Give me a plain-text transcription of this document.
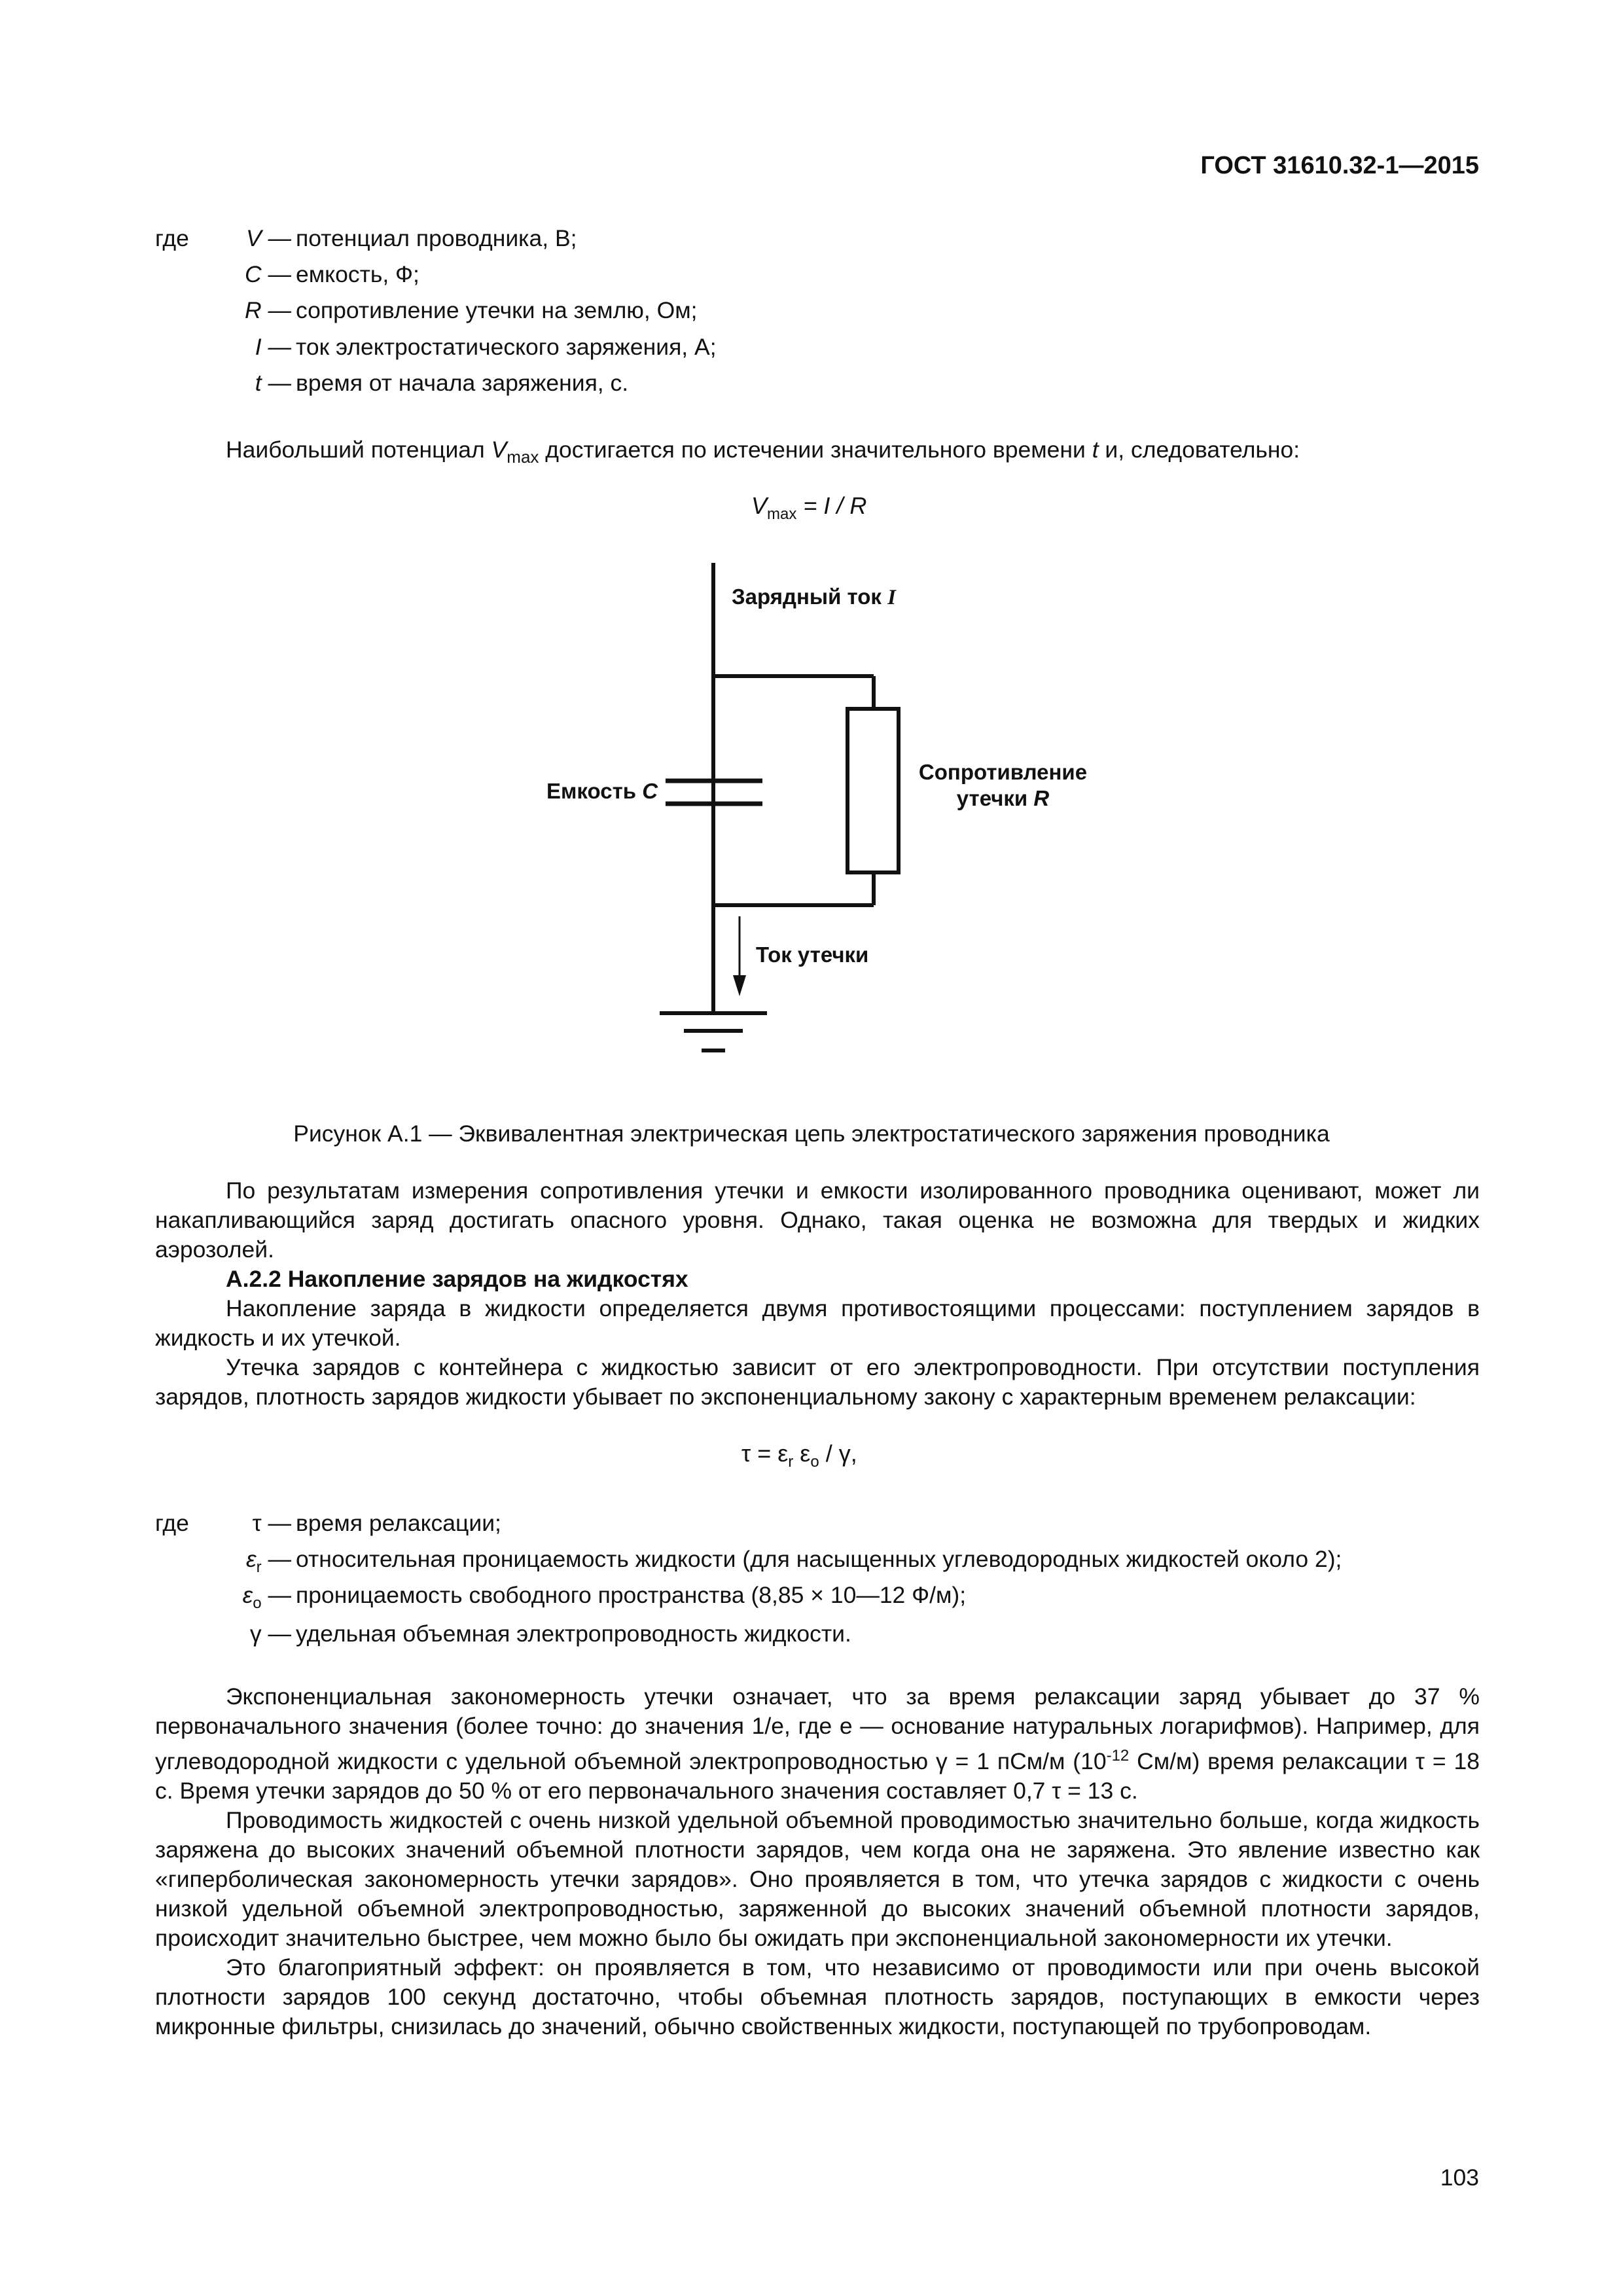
ГОСТ 31610.32-1—2015
где	V — потенциал проводника, В;
C — емкость, Ф;
R — сопротивление утечки на землю, Ом;
I — ток электростатического заряжения, A;
t — время от начала заряжения, с.
Наибольший потенциал $V_{max}$ достигается по истечении значительного времени t и, следовательно:
$V_{max} = I / R$
Зарядный ток I
Емкость C
Сопротивление
утечки R
Ток утечки
Рисунок А.1 — Эквивалентная электрическая цепь электростатического заряжения проводника

По результатам измерения сопротивления утечки и емкости изолированного проводника оценивают, может ли накапливающийся заряд достигать опасного уровня. Однако, такая оценка не возможна для твердых и жидких аэрозолей.

А.2.2 Накопление зарядов на жидкостях

Накопление заряда в жидкости определяется двумя противостоящими процессами: поступлением зарядов в жидкость и их утечкой.

Утечка зарядов с контейнера с жидкостью зависит от его электропроводности. При отсутствии поступления зарядов, плотность зарядов жидкости убывает по экспоненциальному закону с характерным временем релаксации:

$\tau = \varepsilon_r$ $\varepsilon_o$ / γ,
где	τ — время релаксации;
$\varepsilon_r$ — относительная проницаемость жидкости (для насыщенных углеводородных жидкостей около 2);
$\varepsilon_o$ — проницаемость свободного пространства (8,85 × 10—12 Ф/м);
γ — удельная объемная электропроводность жидкости.

Экспоненциальная закономерность утечки означает, что за время релаксации заряд убывает до 37 % первоначального значения (более точно: до значения 1/е, где е — основание натуральных логарифмов). Например, для углеводородной жидкости с удельной объемной электропроводностью γ = 1 пСм/м ($10^{-12}$ См/м) время релаксации τ = 18 с. Время утечки зарядов до 50 % от его первоначального значения составляет 0,7 τ = 13 с.

Проводимость жидкостей с очень низкой удельной объемной проводимостью значительно больше, когда жидкость заряжена до высоких значений объемной плотности зарядов, чем когда она не заряжена. Это явление известно как «гиперболическая закономерность утечки зарядов». Оно проявляется в том, что утечка зарядов с жидкости с очень низкой удельной объемной электропроводностью, заряженной до высоких значений объемной плотности зарядов, происходит значительно быстрее, чем можно было бы ожидать при экспоненциальной закономерности их утечки.

Это благоприятный эффект: он проявляется в том, что независимо от проводимости или при очень высокой плотности зарядов 100 секунд достаточно, чтобы объемная плотность зарядов, поступающих в емкости через микронные фильтры, снизилась до значений, обычно свойственных жидкости, поступающей по трубопроводам.

103
